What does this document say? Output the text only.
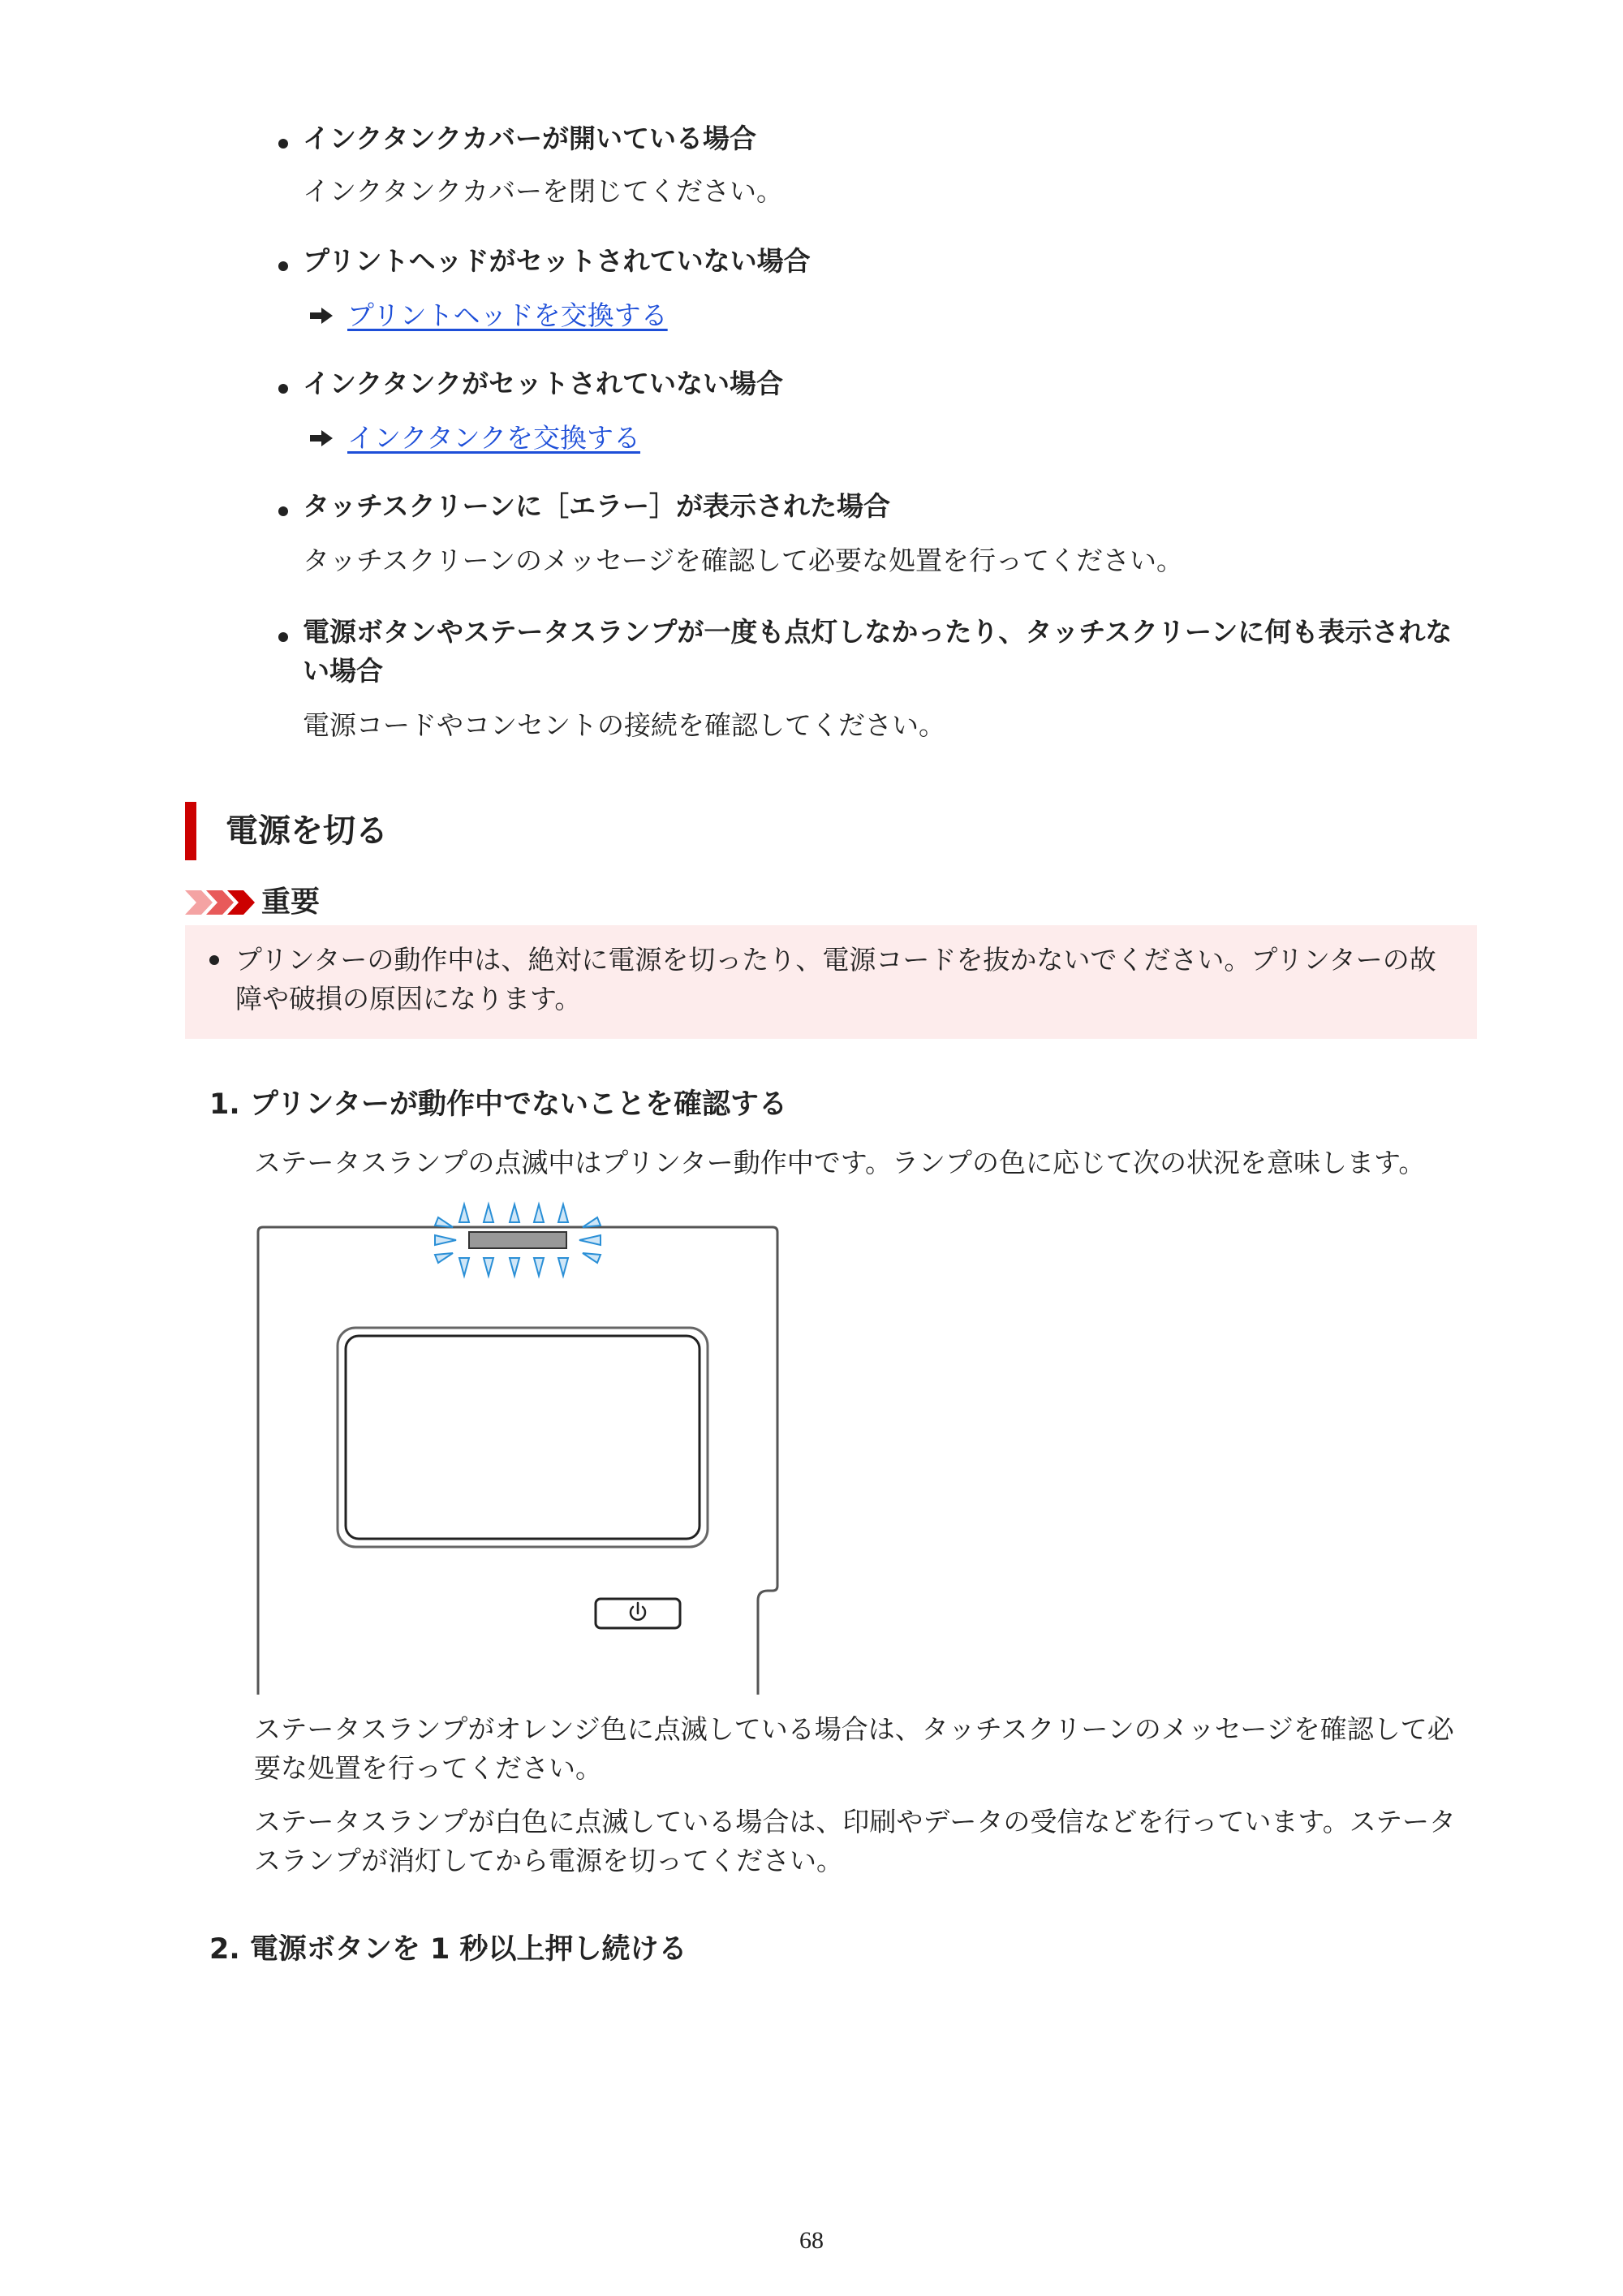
インクタンクカバーが開いている場合
インクタンクカバーを閉じてください。
プリントヘッドがセットされていない場合
プリントヘッドを交換する
インクタンクがセットされていない場合
インクタンクを交換する
タッチスクリーンに［エラー］が表示された場合
タッチスクリーンのメッセージを確認して必要な処置を行ってください。
電源ボタンやステータスランプが一度も点灯しなかったり、タッチスクリーンに何も表示されな
い場合
電源コードやコンセントの接続を確認してください。
電源を切る
重要
プリンターの動作中は、絶対に電源を切ったり、電源コードを抜かないでください。プリンターの故
障や破損の原因になります。
1. プリンターが動作中でないことを確認する
ステータスランプの点滅中はプリンター動作中です。ランプの色に応じて次の状況を意味します。
ステータスランプがオレンジ色に点滅している場合は、タッチスクリーンのメッセージを確認して必
要な処置を行ってください。
ステータスランプが白色に点滅している場合は、印刷やデータの受信などを行っています。ステータ
スランプが消灯してから電源を切ってください。
2. 電源ボタンを 1 秒以上押し続ける
68
